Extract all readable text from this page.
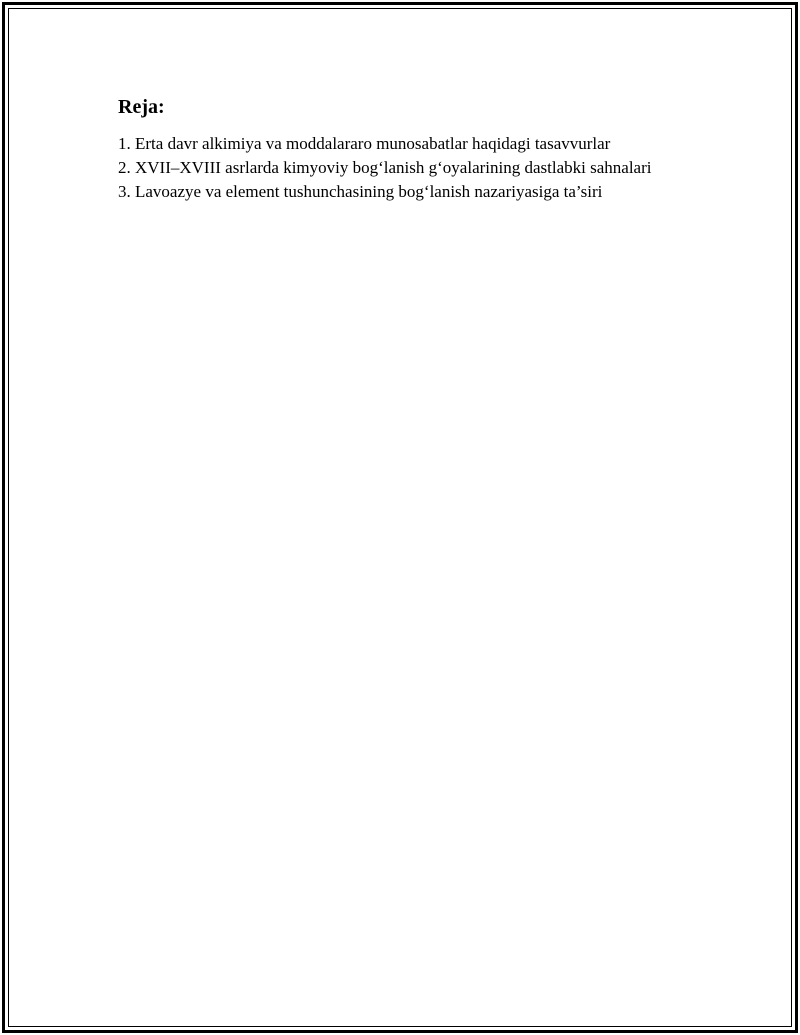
Reja:
1. Erta davr alkimiya va moddalararo munosabatlar haqidagi tasavvurlar
2. XVII–XVIII asrlarda kimyoviy bog‘lanish g‘oyalarining dastlabki sahnalari
3. Lavoazye va element tushunchasining bog‘lanish nazariyasiga ta’siri
